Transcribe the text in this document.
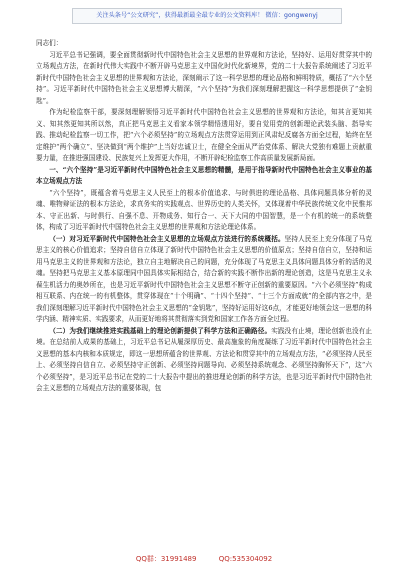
关注头条号“公文研究”，获得最新最全最专业的公文资料库！ 微信：gongwenyj

同志们：

习近平总书记强调，要全面贯彻新时代中国特色社会主义思想的世界观和方法论，坚持好、运用好贯穿其中的立场观点方法，在新时代伟大实践中不断开辟马克思主义中国化时代化新境界，党的二十大报告系统阐述了习近平新时代中国特色社会主义思想的世界观和方法论，深刻阐示了这一科学思想的理论品格和鲜明特质，概括了“六个坚持”。习近平新时代中国特色社会主义思想博大精深，“六个坚持”为我们深刻理解把握这一科学思想提供了“金钥匙”。

作为纪检监察干部，要深刻理解领悟习近平新时代中国特色社会主义思想的世界观和方法论，知其言更知其义、知其然更知其所以然，真正把马克思主义看家本领学精悟透用好，要自觉用党的创新理论武装头脑、指导实践、推动纪检监察一切工作，把“六个必须坚持”的立场观点方法贯穿运用到正风肃纪反腐各方面全过程，始终在坚定维护“两个确立”、坚决做到“两个维护”上当好忠诚卫士，在健全全面从严治党体系、解决大党独有难题上贡献重要力量，在推进强国建设、民族复兴上发挥更大作用，不断开辟纪检监察工作高质量发展新局面。

一、“六个坚持”是习近平新时代中国特色社会主义思想的精髓，是用于指导新时代中国特色社会主义事业的基本立场观点方法

“六个坚持”，既蕴含着马克思主义人民至上的根本价值追求、与时俱进的理论品格、具体问题具体分析的灵魂、唯物辩证法的根本方法论，求真务实的实践观点、世界历史的人类关怀，又体现着中华民族传统文化中民惟邦本、守正出新、与时俱行、自强不息、开物成务、知行合一、天下大同的中国智慧，是一个有机的统一的系统整体，构成了习近平新时代中国特色社会主义思想的世界观和方法论理论体系。

（一）对习近平新时代中国特色社会主义思想的立场观点方法进行的系统概括。坚持人民至上充分体现了马克思主义的核心价值追求；坚持自信自立体现了新时代中国特色社会主义思想的价值原点；坚持自信自立，坚持和运用马克思主义的世界观和方法论，独立自主地解决自己的问题，充分体现了马克思主义具体问题具体分析的活的灵魂。坚持把马克思主义基本原理同中国具体实际相结合，结合新的实践不断作出新的理论创造，这是马克思主义永葆生机活力的奥妙所在，也是习近平新时代中国特色社会主义思想不断守正创新的重要原因。“六个必须坚持”构成相互联系、内在统一的有机整体，贯穿体现在“十个明确”、“十四个坚持”、“十三个方面成就”的全部内容之中，是我们深刻理解习近平新时代中国特色社会主义思想的“金钥匙”，坚持好运用好这6点，才能更好地领会这一思想的科学内涵、精神实质、实践要求，从而更好地将其贯彻落实到党和国家工作各方面全过程。

（二）为我们继续推进实践基础上的理论创新提供了科学方法和正确路径。实践没有止境，理论创新也没有止境。在总结前人成果的基础上，习近平总书记从履深厚历史、最高施象的角度凝练了习近平新时代中国特色社会主义思想的基本内核和本质规定，即这一思想所蕴含的世界观、方法论和贯穿其中的立场观点方法，“必须坚持人民至上、必须坚持自信自立、必须坚持守正创新、必须坚持问题导向、必须坚持系统观念、必须坚持胸怀天下”，这“六个必须坚持”，是习近平总书记在党的二十大报告中提出的推进理论创新的科学方法，也是习近平新时代中国特色社会主义思想的立场观点方法的重要体现，包

QQ群：31991489	QQ:535304092
